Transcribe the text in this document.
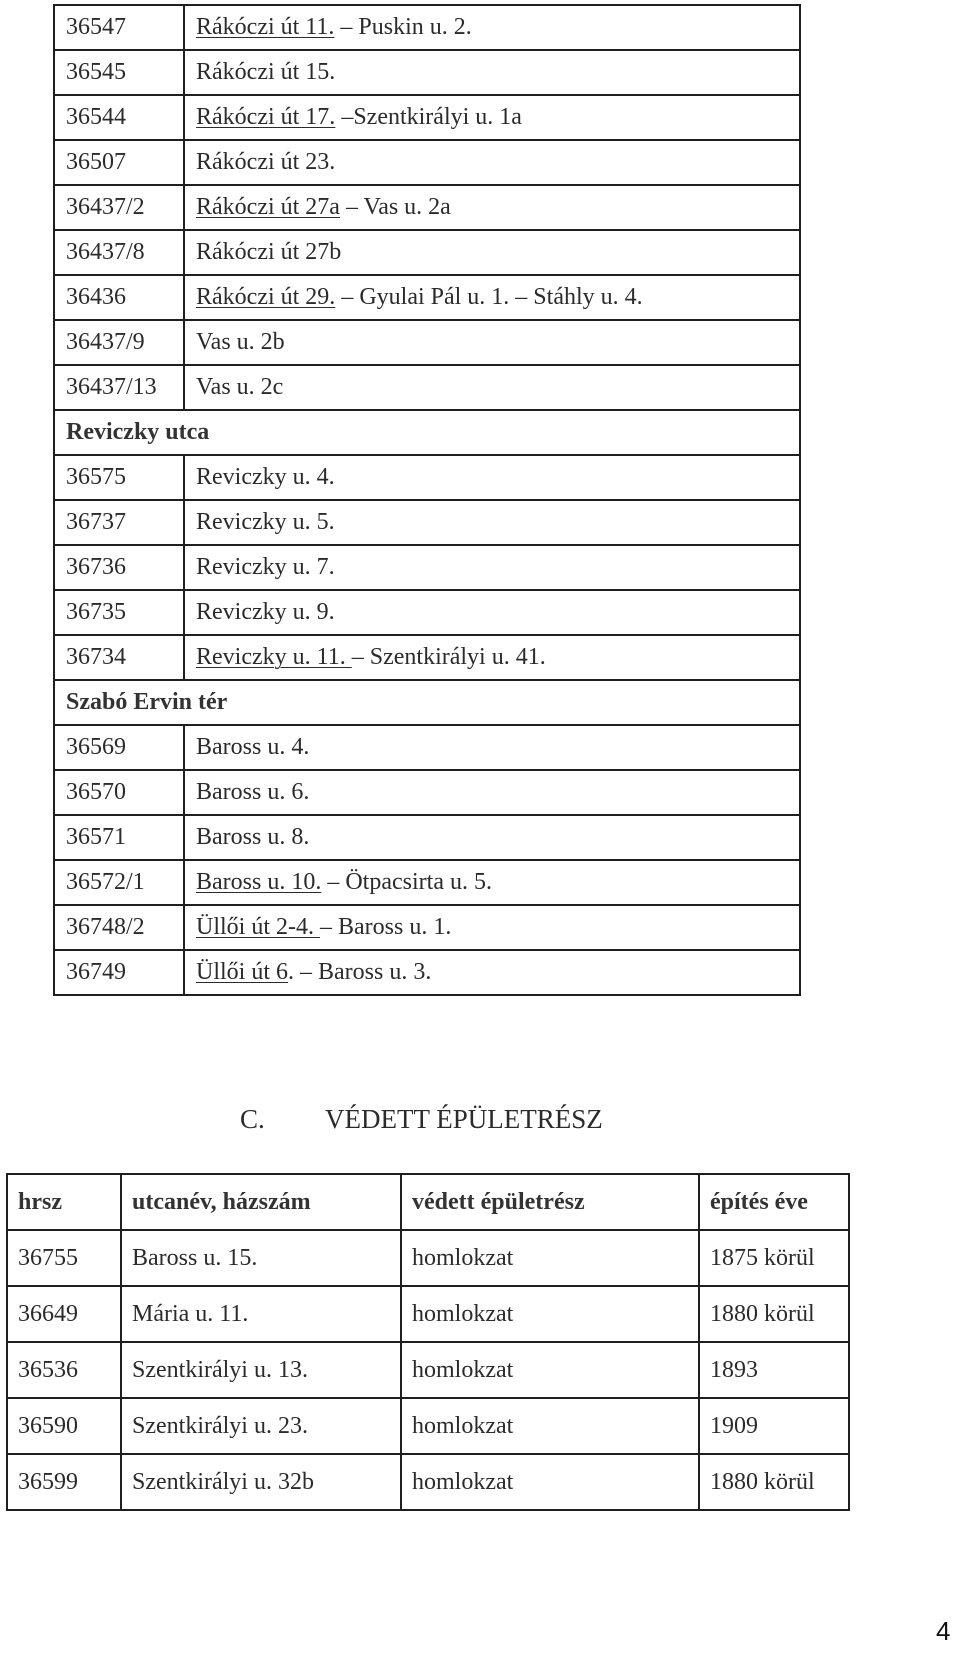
36547	Rákóczi út 11. – Puskin u. 2.
36545	Rákóczi út 15.
36544	Rákóczi út 17. –Szentkirályi u. 1a
36507	Rákóczi út 23.
36437/2	Rákóczi út 27a – Vas u. 2a
36437/8	Rákóczi út 27b
36436	Rákóczi út 29. – Gyulai Pál u. 1. – Stáhly u. 4.
36437/9	Vas u. 2b
36437/13	Vas u. 2c
Reviczky utca	
36575	Reviczky u. 4.
36737	Reviczky u. 5.
36736	Reviczky u. 7.
36735	Reviczky u. 9.
36734	Reviczky u. 11. – Szentkirályi u. 41.
Szabó Ervin tér	
36569	Baross u. 4.
36570	Baross u. 6.
36571	Baross u. 8.
36572/1	Baross u. 10. – Ötpacsirta u. 5.
36748/2	Üllői út 2-4. – Baross u. 1.
36749	Üllői út 6. – Baross u. 3.
C. VÉDETT ÉPÜLETRÉSZ
hrsz	utcanév, házszám	védett épületrész	építés éve
36755	Baross u. 15.	homlokzat	1875 körül
36649	Mária u. 11.	homlokzat	1880 körül
36536	Szentkirályi u. 13.	homlokzat	1893
36590	Szentkirályi u. 23.	homlokzat	1909
36599	Szentkirályi u. 32b	homlokzat	1880 körül
4
